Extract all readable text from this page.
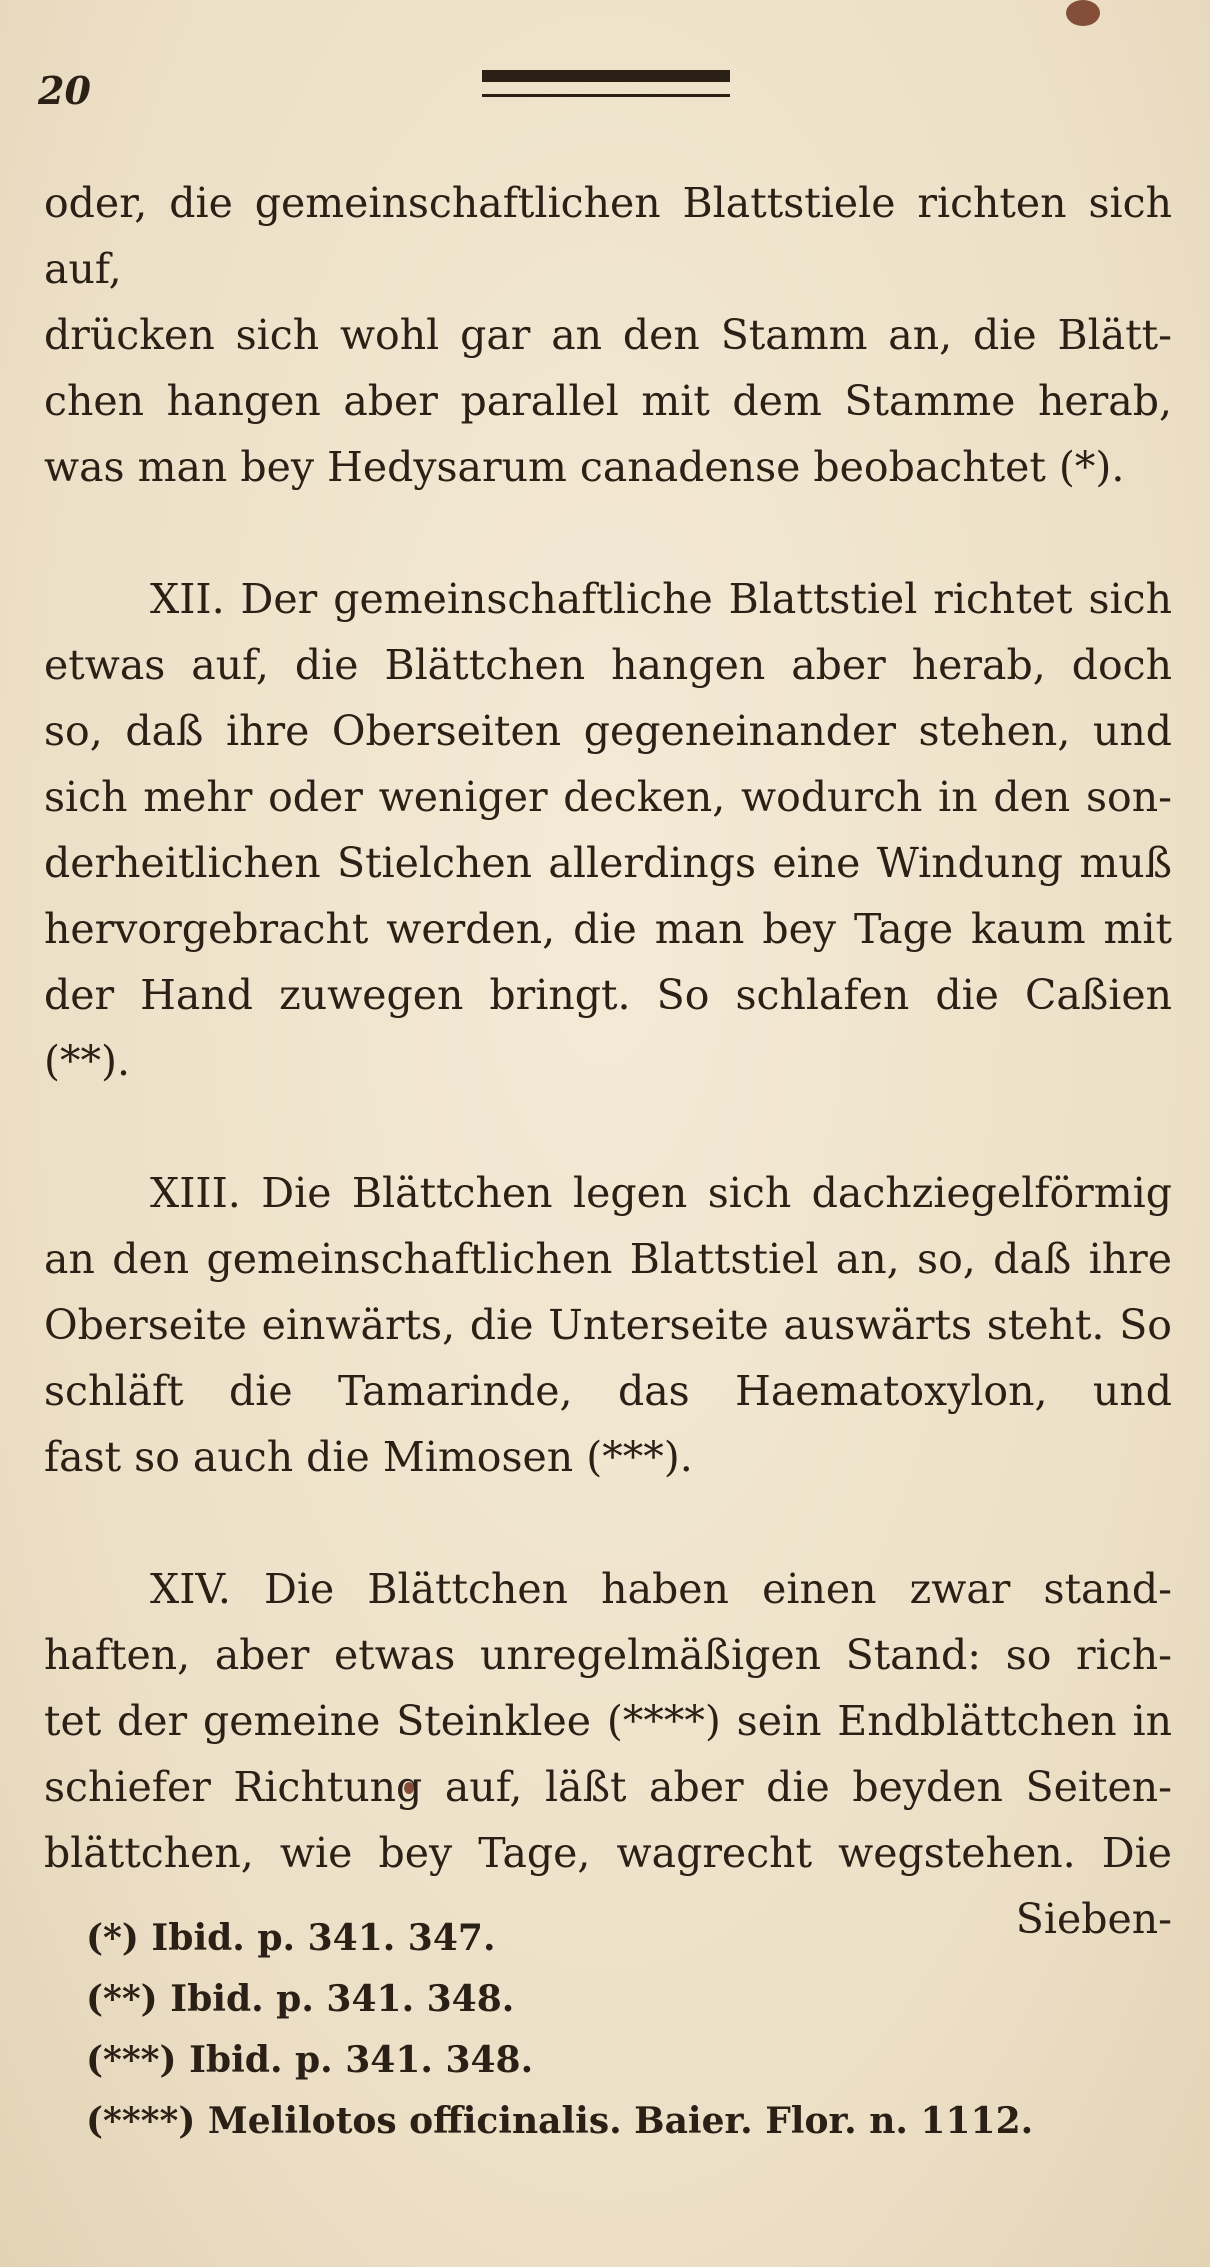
20

oder, die gemeinschaftlichen Blattstiele richten sich auf,
drücken sich wohl gar an den Stamm an, die Blätt-
chen hangen aber parallel mit dem Stamme herab,
was man bey Hedysarum canadense beobachtet (*).

XII. Der gemeinschaftliche Blattstiel richtet sich
etwas auf, die Blättchen hangen aber herab, doch
so, daß ihre Oberseiten gegeneinander stehen, und
sich mehr oder weniger decken, wodurch in den son-
derheitlichen Stielchen allerdings eine Windung muß
hervorgebracht werden, die man bey Tage kaum mit
der Hand zuwegen bringt. So schlafen die Caßien (**).

XIII. Die Blättchen legen sich dachziegelförmig
an den gemeinschaftlichen Blattstiel an, so, daß ihre
Oberseite einwärts, die Unterseite auswärts steht. So
schläft die Tamarinde, das Haematoxylon, und
fast so auch die Mimosen (***).

XIV. Die Blättchen haben einen zwar stand-
haften, aber etwas unregelmäßigen Stand: so rich-
tet der gemeine Steinklee (****) sein Endblättchen in
schiefer Richtung auf, läßt aber die beyden Seiten-
blättchen, wie bey Tage, wagrecht wegstehen. Die
Sieben-

(*) Ibid. p. 341. 347.
(**) Ibid. p. 341. 348.
(***) Ibid. p. 341. 348.
(****) Melilotos officinalis. Baier. Flor. n. 1112.
